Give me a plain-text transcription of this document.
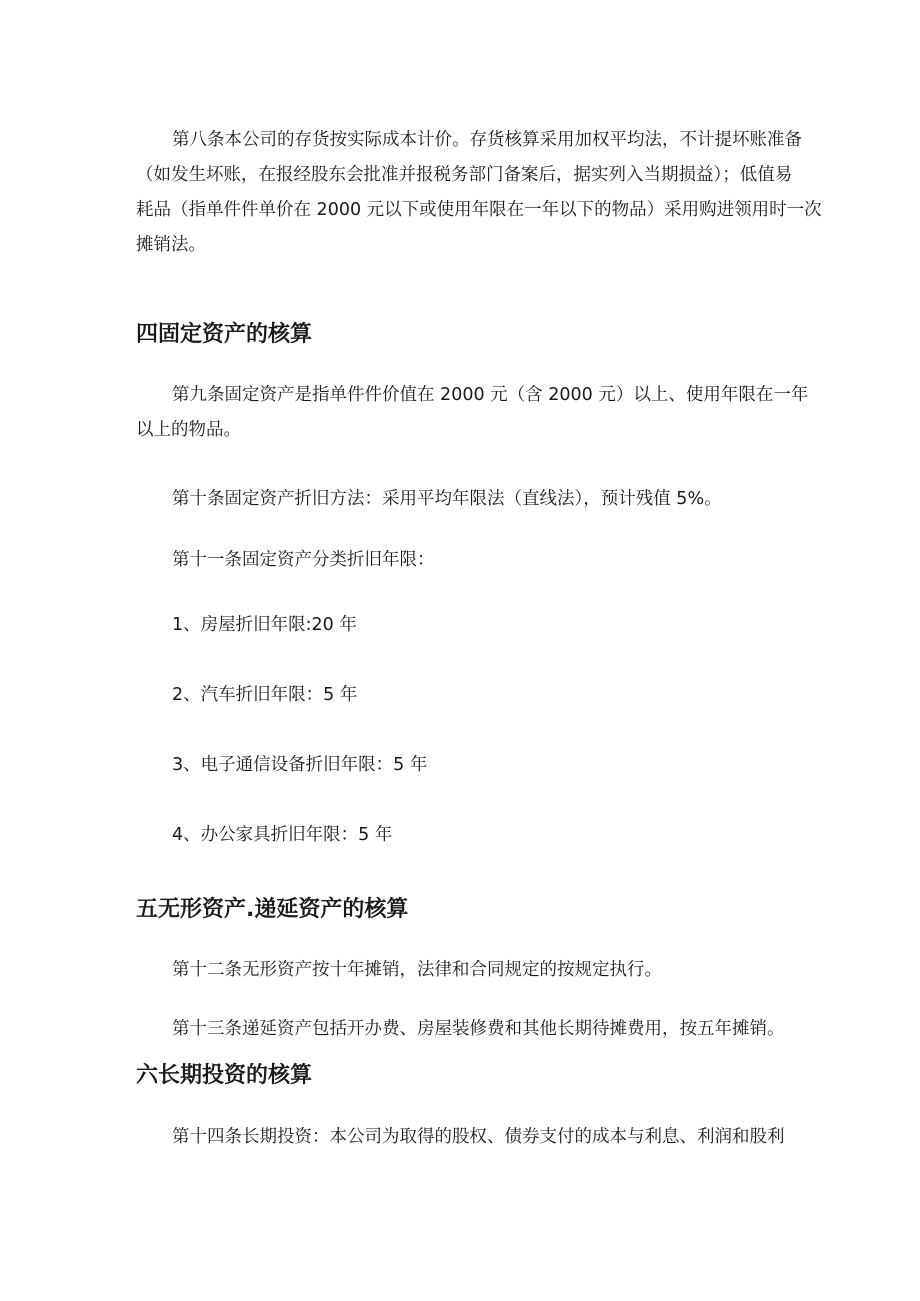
第八条本公司的存货按实际成本计价。存货核算采用加权平均法，不计提坏账准备
（如发生坏账，在报经股东会批准并报税务部门备案后，据实列入当期损益）；低值易
耗品（指单件件单价在 2000 元以下或使用年限在一年以下的物品）采用购进领用时一次
摊销法。
四固定资产的核算
第九条固定资产是指单件件价值在 2000 元（含 2000 元）以上、使用年限在一年
以上的物品。

第十条固定资产折旧方法：采用平均年限法（直线法），预计残值 5%。

第十一条固定资产分类折旧年限：

1、房屋折旧年限:20 年

2、汽车折旧年限：5 年

3、电子通信设备折旧年限：5 年

4、办公家具折旧年限：5 年

五无形资产.递延资产的核算

第十二条无形资产按十年摊销，法律和合同规定的按规定执行。

第十三条递延资产包括开办费、房屋装修费和其他长期待摊费用，按五年摊销。

六长期投资的核算

第十四条长期投资：本公司为取得的股权、债券支付的成本与利息、利润和股利
